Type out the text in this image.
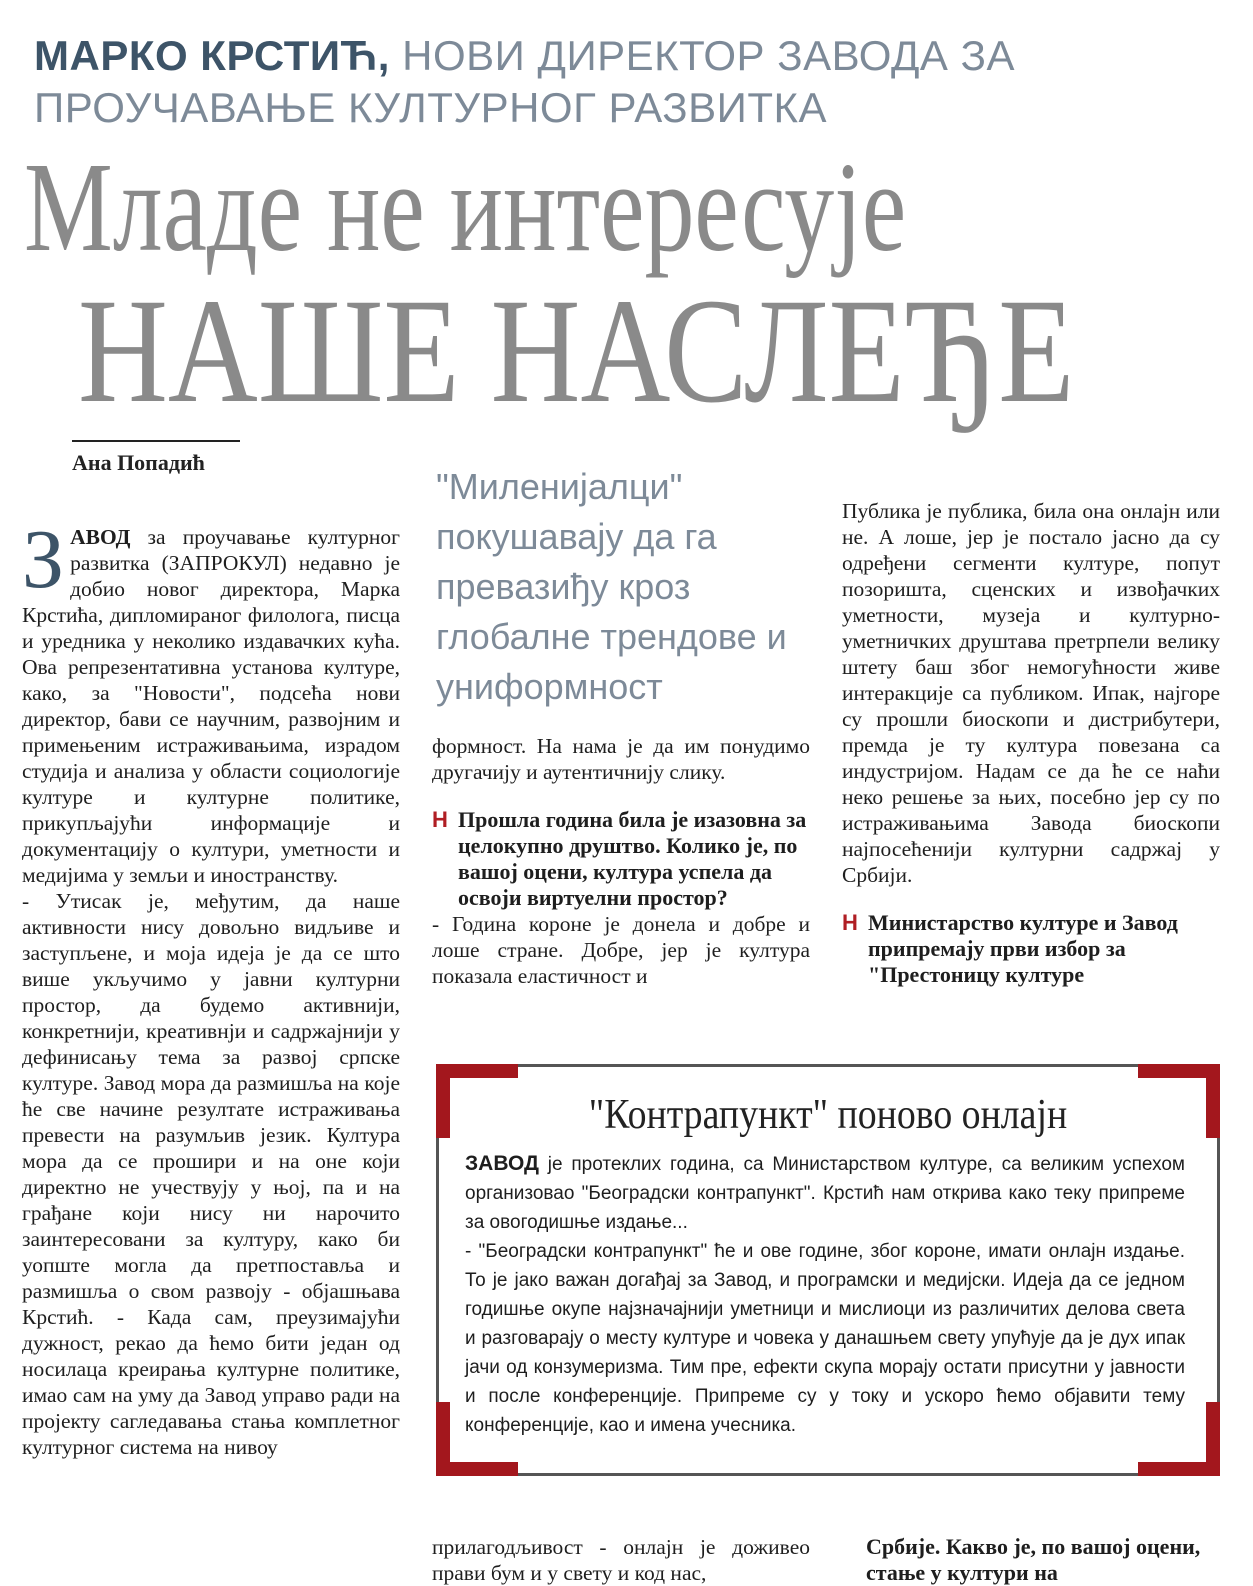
МАРКО КРСТИЋ, НОВИ ДИРЕКТОР ЗАВОДА ЗА ПРОУЧАВАЊЕ КУЛТУРНОГ РАЗВИТКА
Младе не интересује
НАШЕ НАСЛЕЂЕ
Ана Попадић
"Миленијалци" покушавају да га превазиђу кроз глобалне трендове и униформност

ЗАВОД за проучавање културног развитка (ЗАПРОКУЛ) недавно је добио новог директора, Марка Крстића, дипломираног филолога, писца и уредника у неколико издавачких кућа. Ова репрезентативна установа културе, како, за "Новости", подсећа нови директор, бави се научним, развојним и примењеним истраживањима, израдом студија и анализа у области социологије културе и културне политике, прикупљајући информације и документацију о култури, уметности и медијима у земљи и иностранству.

- Утисак је, међутим, да наше активности нису довољно видљиве и заступљене, и моја идеја је да се што више укључимо у јавни културни простор, да будемо активнији, конкретнији, креативнји и садржајнији у дефинисању тема за развој српске културе. Завод мора да размишља на које ће све начине резултате истраживања превести на разумљив језик. Култура мора да се прошири и на оне који директно не учествују у њој, па и на грађане који нису ни нарочито заинтересовани за културу, како би уопште могла да претпоставља и размишља о свом развоју - објашњава Крстић. - Када сам, преузимајући дужност, рекао да ћемо бити један од носилаца креирања културне политике, имао сам на уму да Завод управо ради на пројекту сагледавања стања комплетног културног система на нивоу

формност. На нама је да им понудимо другачију и аутентичнију слику.

Н Прошла година била је изазовна за целокупно друштво. Колико је, по вашој оцени, култура успела да освоји виртуелни простор?

- Година короне је донела и добре и лоше стране. Добре, јер је култура показала еластичност и

Публика је публика, била она онлајн или не. А лоше, јер је постало јасно да су одређени сегменти културе, попут позоришта, сценских и извођачких уметности, музеја и културно-уметничких друштава претрпели велику штету баш због немогућности живе интеракције са публиком. Ипак, најгоре су прошли биоскопи и дистрибутери, премда је ту култура повезана са индустријом. Надам се да ће се наћи неко решење за њих, посебно јер су по истраживањима Завода биоскопи најпосећенији културни садржај у Србији.

Н Министарство културе и Завод припремају први избор за "Престоницу културе
"Контрапункт" поново онлајн

ЗАВОД је протеклих година, са Министарством културе, са великим успехом организовао "Београдски контрапункт". Крстић нам открива како теку припреме за овогодишње издање...

- "Београдски контрапункт" ће и ове године, због короне, имати онлајн издање. То је јако важан догађај за Завод, и програмски и медијски. Идеја да се једном годишње окупе најзначајнији уметници и мислиоци из различитих делова света и разговарају о месту културе и човека у данашњем свету упућује да је дух ипак јачи од конзумеризма. Тим пре, ефекти скупа морају остати присутни у јавности и после конференције. Припреме су у току и ускоро ћемо објавити тему конференције, као и имена учесника.

прилагодљивост - онлајн је доживео прави бум и у свету и код нас,
Србије. Какво је, по вашој оцени, стање у култури на
